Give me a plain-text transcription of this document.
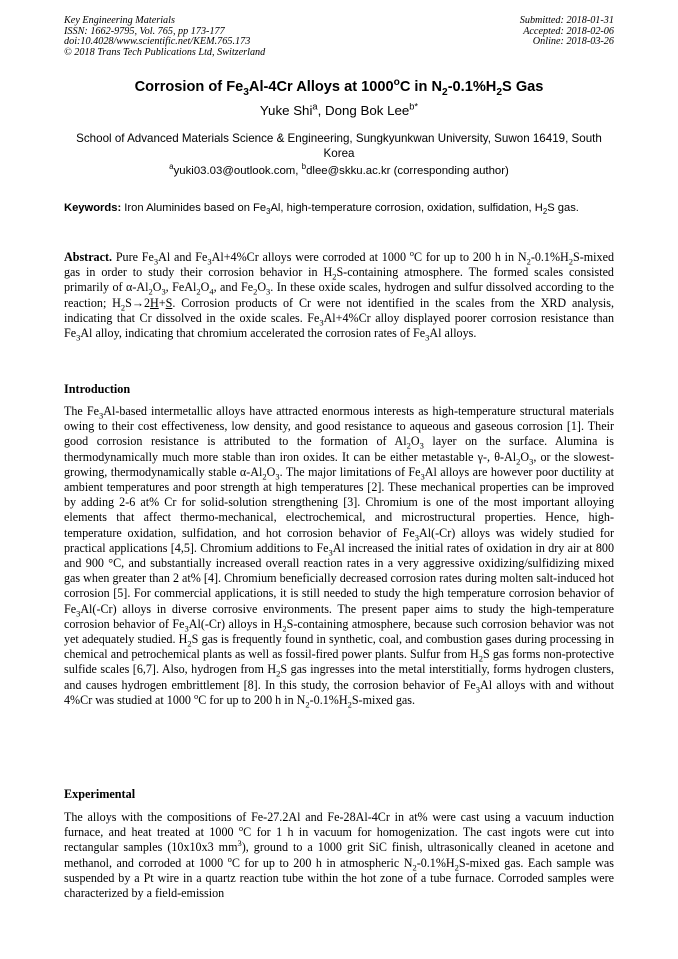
Key Engineering Materials
ISSN: 1662-9795, Vol. 765, pp 173-177
doi:10.4028/www.scientific.net/KEM.765.173
© 2018 Trans Tech Publications Ltd, Switzerland
Submitted: 2018-01-31
Accepted: 2018-02-06
Online: 2018-03-26
Corrosion of $Fe_3Al-4Cr$ Alloys at 1000$^o$C in $N_2-0.1\%H_2S$ Gas
Yuke Shi$^a$, Dong Bok Lee$^{b*}$
School of Advanced Materials Science & Engineering, Sungkyunkwan University, Suwon 16419, South Korea
$^a$yuki03.03@outlook.com, $^b$dlee@skku.ac.kr (corresponding author)
Keywords: Iron Aluminides based on $Fe_3Al$, high-temperature corrosion, oxidation, sulfidation, $H_2S$ gas.

Abstract. Pure $Fe_3Al$ and $Fe_3Al+4\%Cr$ alloys were corroded at 1000 $^o$C for up to 200 h in $N_2-0.1\%H_2S$-mixed gas in order to study their corrosion behavior in $H_2S$-containing atmosphere. The formed scales consisted primarily of $\alpha-Al_2O_3$, $FeAl_2O_4$, and $Fe_2O_3$. In these oxide scales, hydrogen and sulfur dissolved according to the reaction; $H_2S\to 2H+S$. Corrosion products of Cr were not identified in the scales from the XRD analysis, indicating that Cr dissolved in the oxide scales. $Fe_3Al+4\%Cr$ alloy displayed poorer corrosion resistance than $Fe_3Al$ alloy, indicating that chromium accelerated the corrosion rates of $Fe_3Al$ alloys.

Introduction

The $Fe_3Al$-based intermetallic alloys have attracted enormous interests as high-temperature structural materials owing to their cost effectiveness, low density, and good resistance to aqueous and gaseous corrosion [1]. Their good corrosion resistance is attributed to the formation of $Al_2O_3$ layer on the surface. Alumina is thermodynamically much more stable than iron oxides. It can be either metastable γ-, $\theta-Al_2O_3$, or the slowest-growing, thermodynamically stable $\alpha-Al_2O_3$. The major limitations of $Fe_3Al$ alloys are however poor ductility at ambient temperatures and poor strength at high temperatures [2]. These mechanical properties can be improved by adding 2-6 at% Cr for solid-solution strengthening [3]. Chromium is one of the most important alloying elements that affect thermo-mechanical, electrochemical, and microstructural properties. Hence, high-temperature oxidation, sulfidation, and hot corrosion behavior of $Fe_3Al(-Cr)$ alloys was widely studied for practical applications [4,5]. Chromium additions to $Fe_3Al$ increased the initial rates of oxidation in dry air at 800 and 900 °C, and substantially increased overall reaction rates in a very aggressive oxidizing/sulfidizing mixed gas when greater than 2 at% [4]. Chromium beneficially decreased corrosion rates during molten salt-induced hot corrosion [5]. For commercial applications, it is still needed to study the high temperature corrosion behavior of $Fe_3Al(-Cr)$ alloys in diverse corrosive environments. The present paper aims to study the high-temperature corrosion behavior of $Fe_3Al(-Cr)$ alloys in $H_2S$-containing atmosphere, because such corrosion behavior was not yet adequately studied. $H_2S$ gas is frequently found in synthetic, coal, and combustion gases during processing in chemical and petrochemical plants as well as fossil-fired power plants. Sulfur from $H_2S$ gas forms non-protective sulfide scales [6,7]. Also, hydrogen from $H_2S$ gas ingresses into the metal interstitially, forms hydrogen clusters, and causes hydrogen embrittlement [8]. In this study, the corrosion behavior of $Fe_3Al$ alloys with and without 4%Cr was studied at 1000 $^o$C for up to 200 h in $N_2-0.1\%H_2S$-mixed gas.

Experimental

The alloys with the compositions of Fe-27.2Al and Fe-28Al-4Cr in at% were cast using a vacuum induction furnace, and heat treated at 1000 $^o$C for 1 h in vacuum for homogenization. The cast ingots were cut into rectangular samples (10x10x3 $mm^3$), ground to a 1000 grit SiC finish, ultrasonically cleaned in acetone and methanol, and corroded at 1000 $^o$C for up to 200 h in atmospheric $N_2-0.1\%H_2S$-mixed gas. Each sample was suspended by a Pt wire in a quartz reaction tube within the hot zone of a tube furnace. Corroded samples were characterized by a field-emission
